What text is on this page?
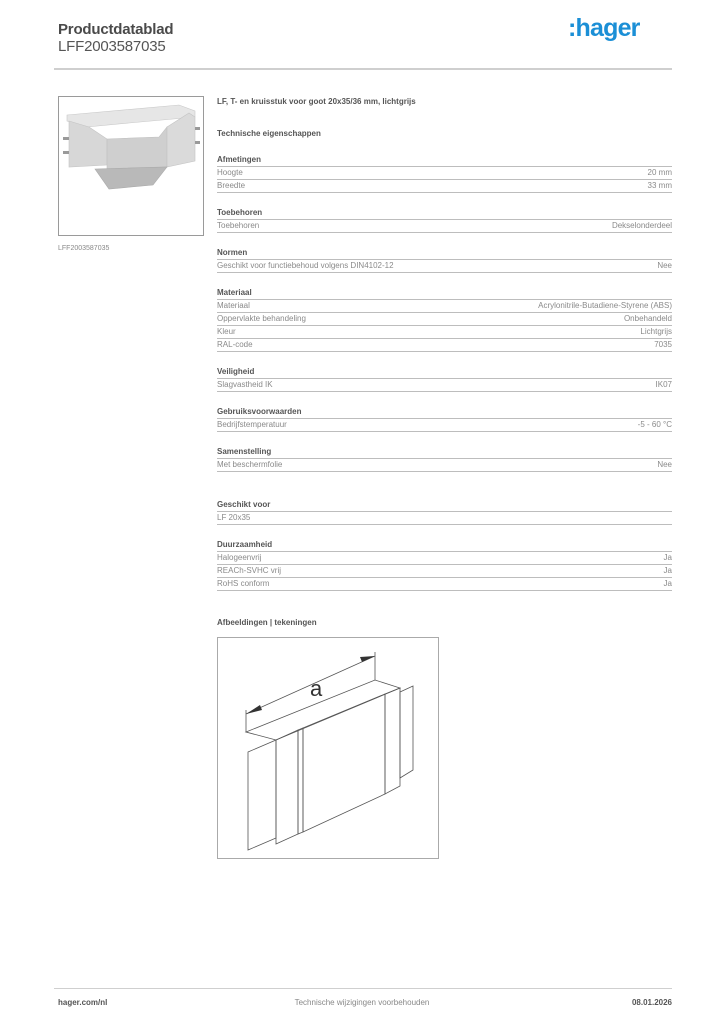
Productdatablad
LFF2003587035
:hager
LFF2003587035
LF, T- en kruisstuk voor goot 20x35/36 mm, lichtgrijs
Technische eigenschappen
Afmetingen
Hoogte	20 mm
Breedte	33 mm
Toebehoren
Toebehoren	Dekselonderdeel
Normen
Geschikt voor functiebehoud volgens DIN4102-12	Nee
Materiaal
Materiaal	Acrylonitrile-Butadiene-Styrene (ABS)
Oppervlakte behandeling	Onbehandeld
Kleur	Lichtgrijs
RAL-code	7035
Veiligheid
Slagvastheid IK	IK07
Gebruiksvoorwaarden
Bedrijfstemperatuur	-5 - 60 °C
Samenstelling
Met beschermfolie	Nee
Geschikt voor
LF 20x35
Duurzaamheid
Halogeenvrij	Ja
REACh-SVHC vrij	Ja
RoHS conform	Ja
Afbeeldingen | tekeningen
a
hager.com/nl	Technische wijzigingen voorbehouden	08.01.2026
